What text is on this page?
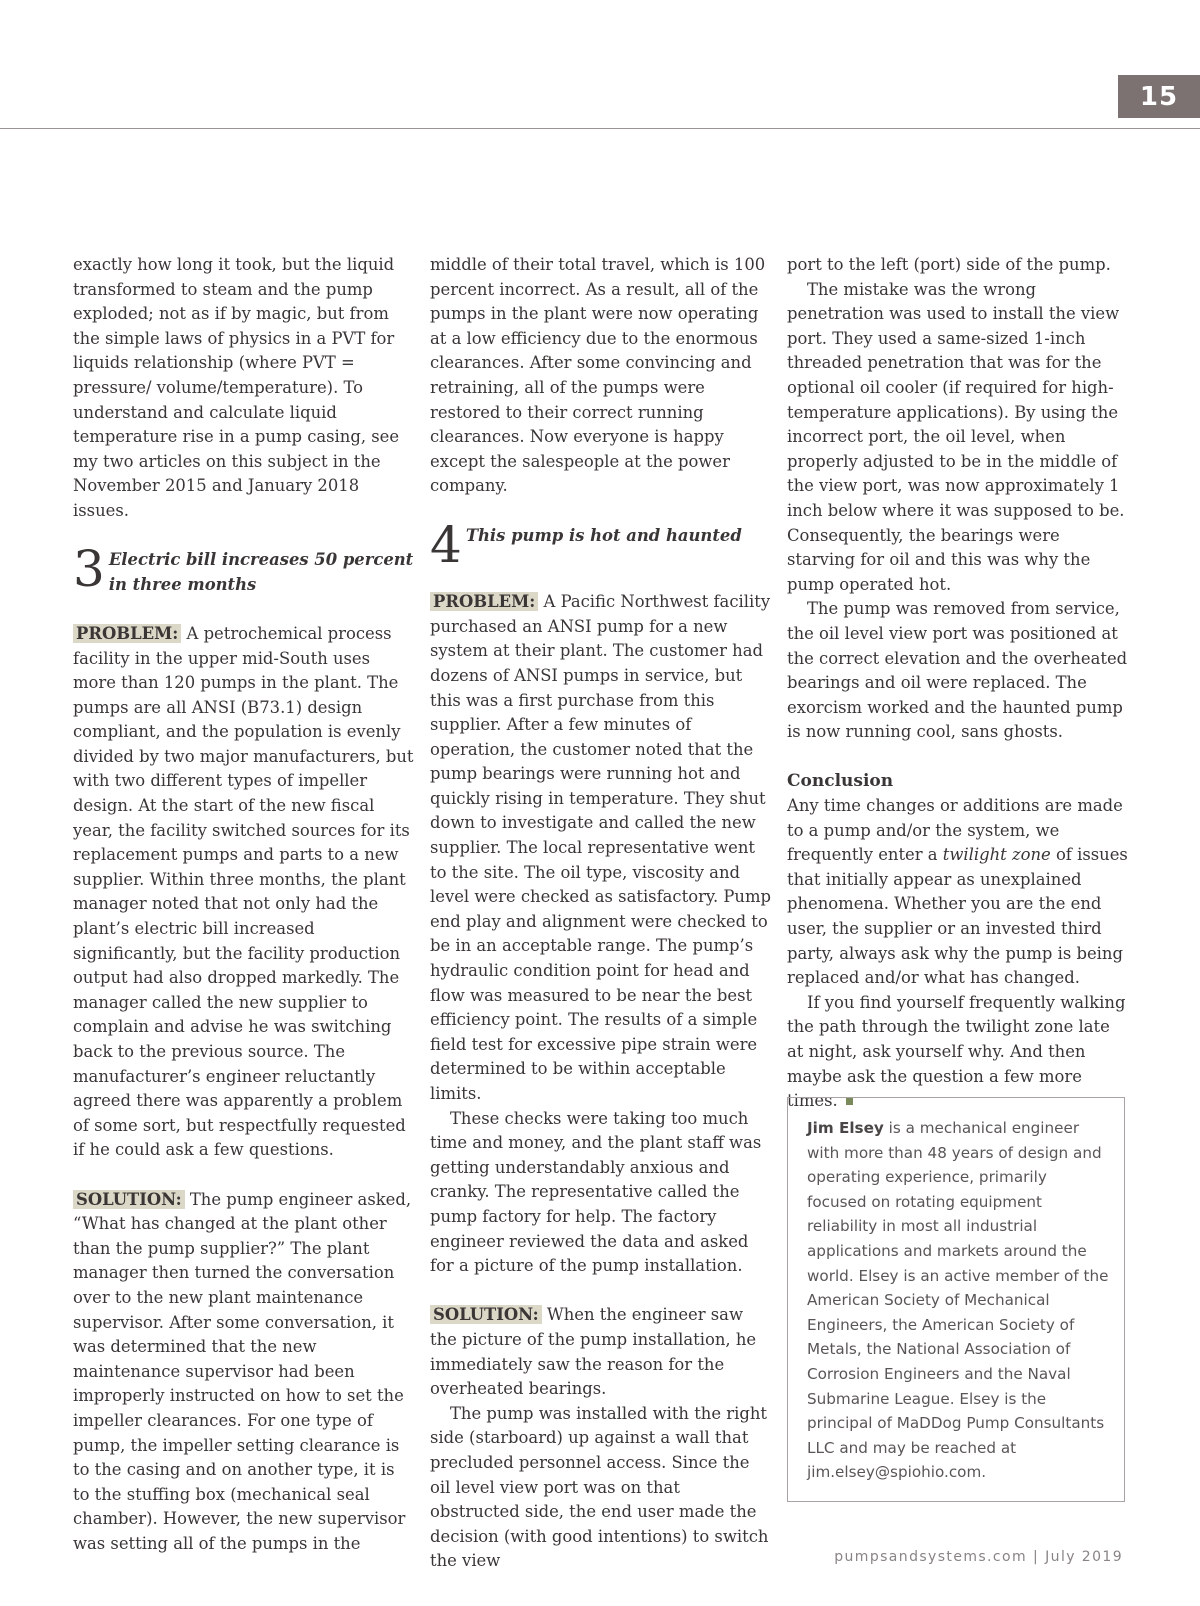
15

exactly how long it took, but the liquid transformed to steam and the pump exploded; not as if by magic, but from the simple laws of physics in a PVT for liquids relationship (where PVT = pressure/ volume/temperature). To understand and calculate liquid temperature rise in a pump casing, see my two articles on this subject in the November 2015 and January 2018 issues.

3 Electric bill increases 50 percent in three months

PROBLEM: A petrochemical process facility in the upper mid-South uses more than 120 pumps in the plant. The pumps are all ANSI (B73.1) design compliant, and the population is evenly divided by two major manufacturers, but with two different types of impeller design. At the start of the new fiscal year, the facility switched sources for its replacement pumps and parts to a new supplier. Within three months, the plant manager noted that not only had the plant’s electric bill increased significantly, but the facility production output had also dropped markedly. The manager called the new supplier to complain and advise he was switching back to the previous source. The manufacturer’s engineer reluctantly agreed there was apparently a problem of some sort, but respectfully requested if he could ask a few questions.

SOLUTION: The pump engineer asked, “What has changed at the plant other than the pump supplier?” The plant manager then turned the conversation over to the new plant maintenance supervisor. After some conversation, it was determined that the new maintenance supervisor had been improperly instructed on how to set the impeller clearances. For one type of pump, the impeller setting clearance is to the casing and on another type, it is to the stuffing box (mechanical seal chamber). However, the new supervisor was setting all of the pumps in the

middle of their total travel, which is 100 percent incorrect. As a result, all of the pumps in the plant were now operating at a low efficiency due to the enormous clearances. After some convincing and retraining, all of the pumps were restored to their correct running clearances. Now everyone is happy except the salespeople at the power company.

4 This pump is hot and haunted

PROBLEM: A Pacific Northwest facility purchased an ANSI pump for a new system at their plant. The customer had dozens of ANSI pumps in service, but this was a first purchase from this supplier. After a few minutes of operation, the customer noted that the pump bearings were running hot and quickly rising in temperature. They shut down to investigate and called the new supplier. The local representative went to the site. The oil type, viscosity and level were checked as satisfactory. Pump end play and alignment were checked to be in an acceptable range. The pump’s hydraulic condition point for head and flow was measured to be near the best efficiency point. The results of a simple field test for excessive pipe strain were determined to be within acceptable limits.

These checks were taking too much time and money, and the plant staff was getting understandably anxious and cranky. The representative called the pump factory for help. The factory engineer reviewed the data and asked for a picture of the pump installation.

SOLUTION: When the engineer saw the picture of the pump installation, he immediately saw the reason for the overheated bearings.

The pump was installed with the right side (starboard) up against a wall that precluded personnel access. Since the oil level view port was on that obstructed side, the end user made the decision (with good intentions) to switch the view

port to the left (port) side of the pump.

The mistake was the wrong penetration was used to install the view port. They used a same-sized 1-inch threaded penetration that was for the optional oil cooler (if required for high-temperature applications). By using the incorrect port, the oil level, when properly adjusted to be in the middle of the view port, was now approximately 1 inch below where it was supposed to be. Consequently, the bearings were starving for oil and this was why the pump operated hot.

The pump was removed from service, the oil level view port was positioned at the correct elevation and the overheated bearings and oil were replaced. The exorcism worked and the haunted pump is now running cool, sans ghosts.

Conclusion

Any time changes or additions are made to a pump and/or the system, we frequently enter a twilight zone of issues that initially appear as unexplained phenomena. Whether you are the end user, the supplier or an invested third party, always ask why the pump is being replaced and/or what has changed.

If you find yourself frequently walking the path through the twilight zone late at night, ask yourself why. And then maybe ask the question a few more times.

Jim Elsey is a mechanical engineer with more than 48 years of design and operating experience, primarily focused on rotating equipment reliability in most all industrial applications and markets around the world. Elsey is an active member of the American Society of Mechanical Engineers, the American Society of Metals, the National Association of Corrosion Engineers and the Naval Submarine League. Elsey is the principal of MaDDog Pump Consultants LLC and may be reached at jim.elsey@spiohio.com.
pumpsandsystems.com | July 2019
